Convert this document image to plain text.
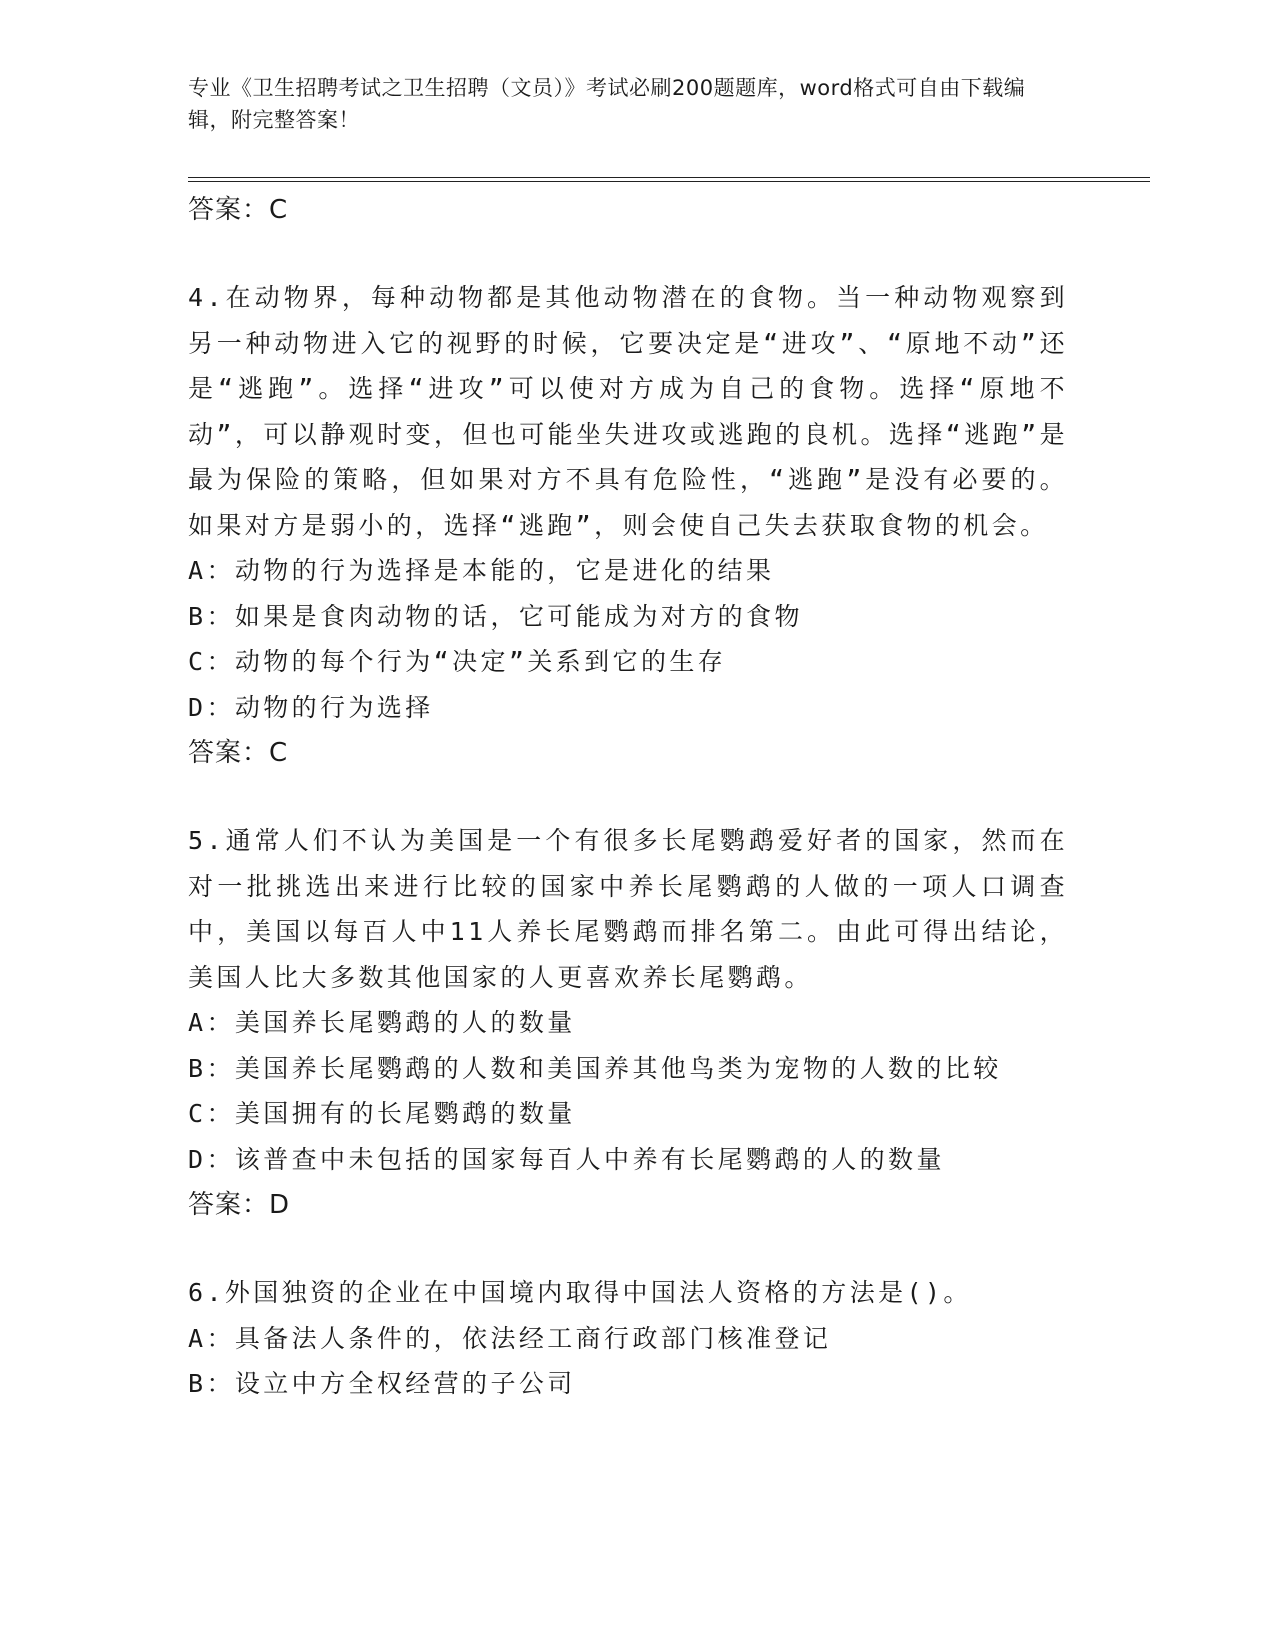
专业《卫生招聘考试之卫生招聘（文员）》考试必刷200题题库，word格式可自由下载编辑，附完整答案！
答案：C
4.在动物界，每种动物都是其他动物潜在的食物。当一种动物观察到另一种动物进入它的视野的时候，它要决定是“进攻”、“原地不动”还是“逃跑”。选择“进攻”可以使对方成为自己的食物。选择“原地不动”，可以静观时变，但也可能坐失进攻或逃跑的良机。选择“逃跑”是最为保险的策略，但如果对方不具有危险性，“逃跑”是没有必要的。如果对方是弱小的，选择“逃跑”，则会使自己失去获取食物的机会。
A：动物的行为选择是本能的，它是进化的结果
B：如果是食肉动物的话，它可能成为对方的食物
C：动物的每个行为“决定”关系到它的生存
D：动物的行为选择
答案：C
5.通常人们不认为美国是一个有很多长尾鹦鹉爱好者的国家，然而在对一批挑选出来进行比较的国家中养长尾鹦鹉的人做的一项人口调查中，美国以每百人中11人养长尾鹦鹉而排名第二。由此可得出结论，美国人比大多数其他国家的人更喜欢养长尾鹦鹉。
A：美国养长尾鹦鹉的人的数量
B：美国养长尾鹦鹉的人数和美国养其他鸟类为宠物的人数的比较
C：美国拥有的长尾鹦鹉的数量
D：该普查中未包括的国家每百人中养有长尾鹦鹉的人的数量
答案：D
6.外国独资的企业在中国境内取得中国法人资格的方法是()。
A：具备法人条件的，依法经工商行政部门核准登记
B：设立中方全权经营的子公司
